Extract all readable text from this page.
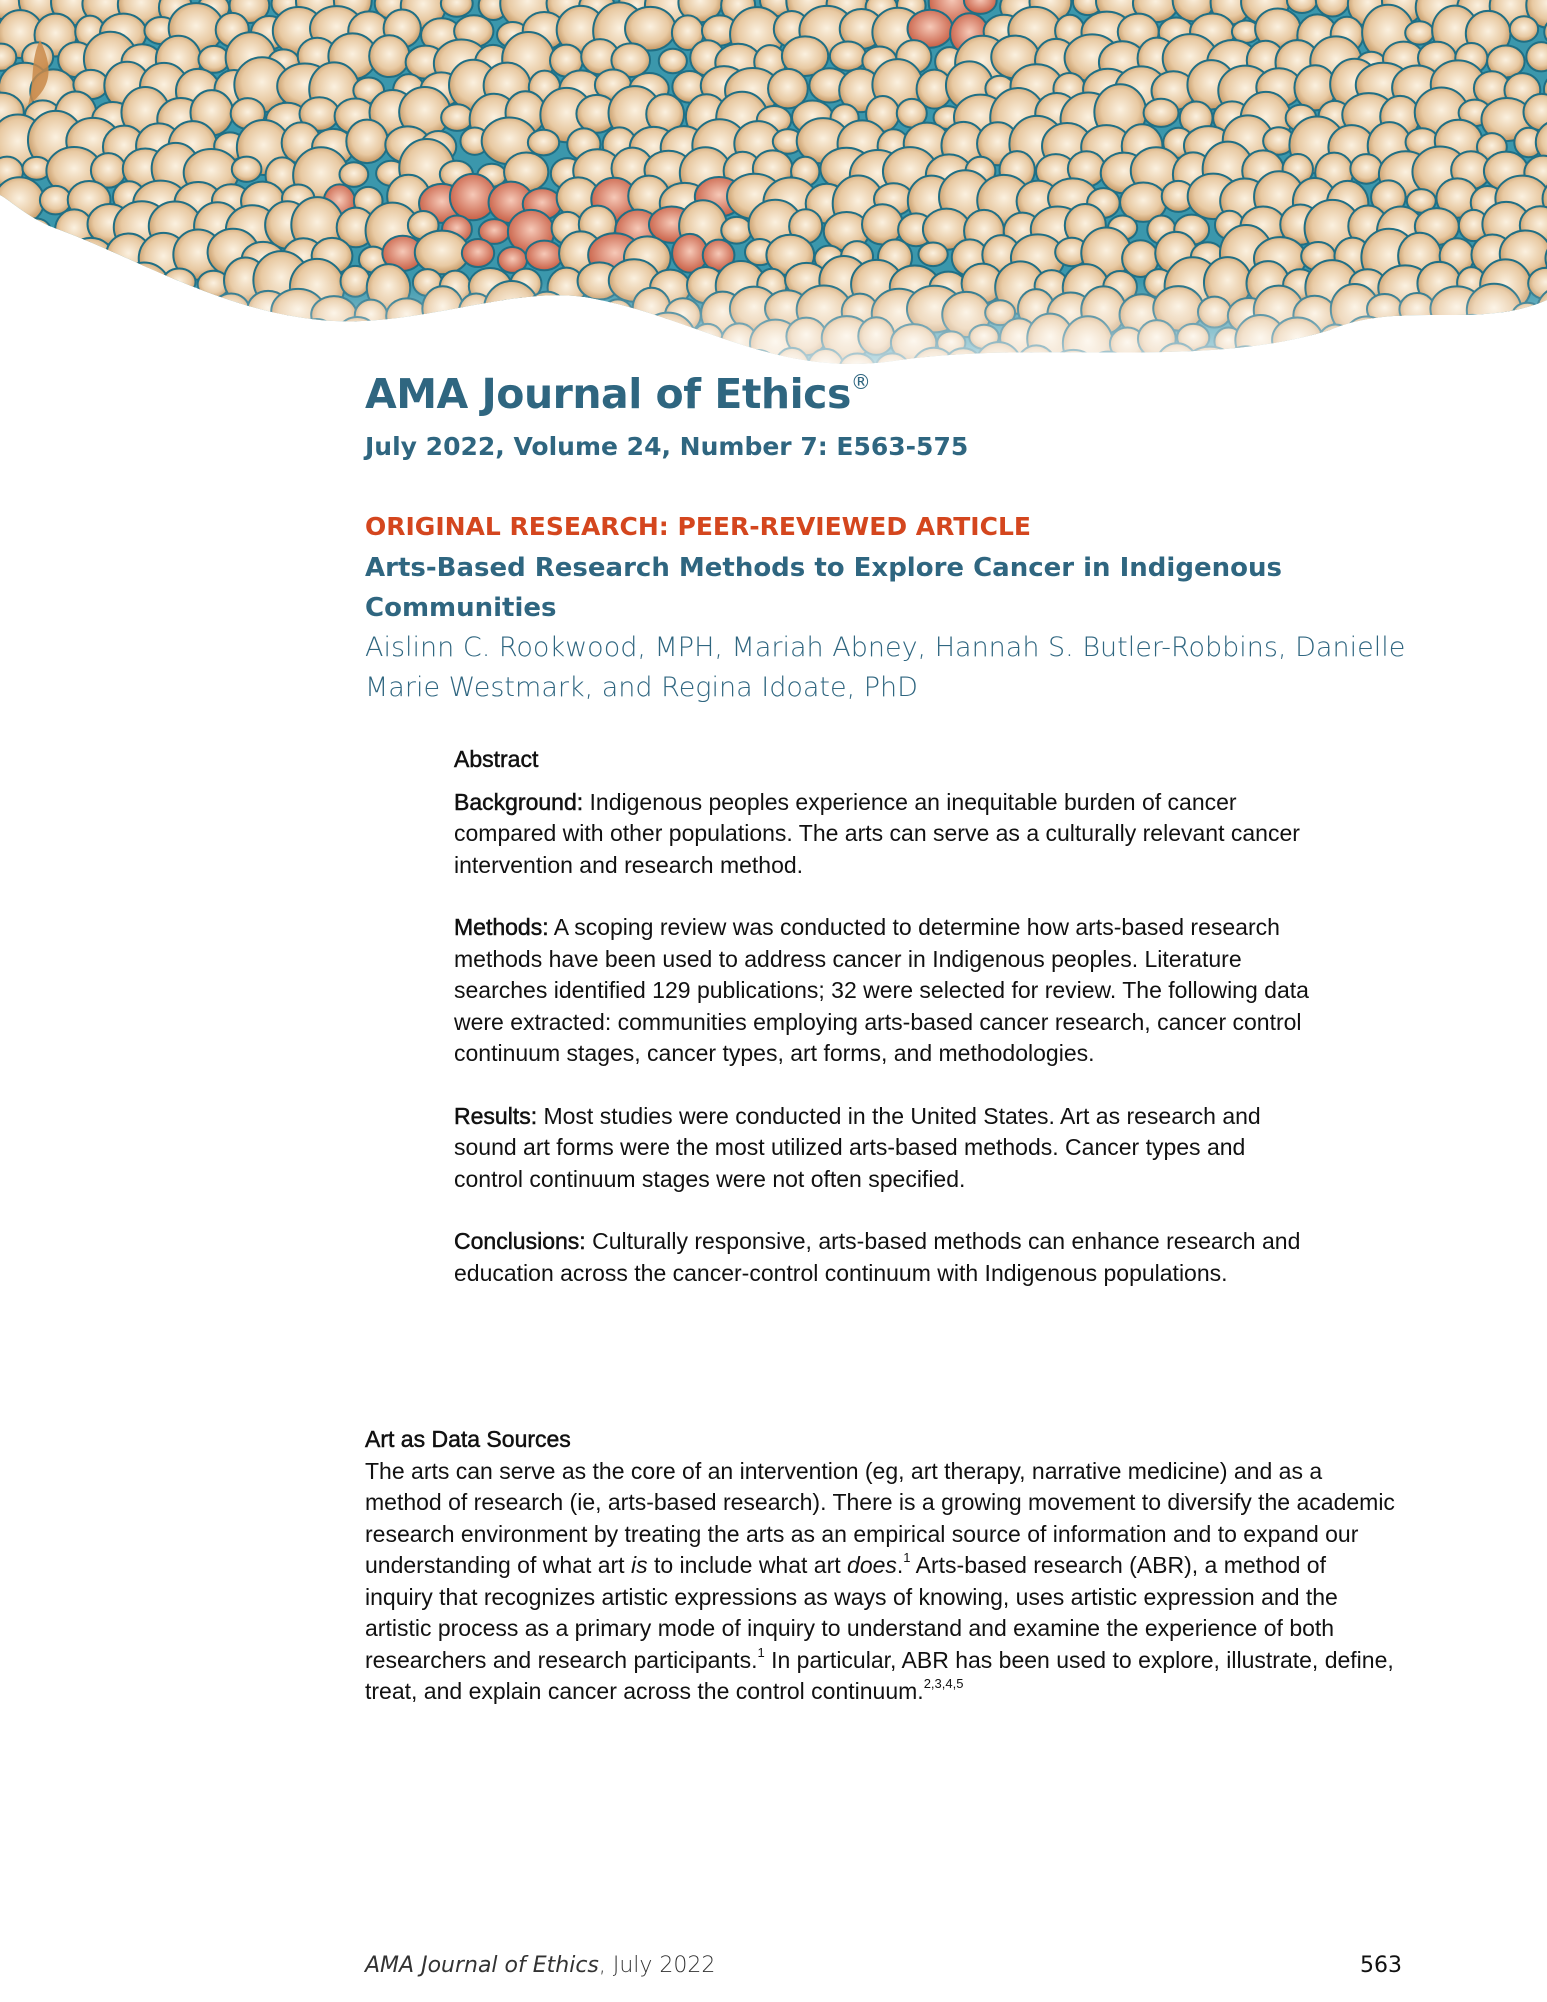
AMA Journal of Ethics®
July 2022, Volume 24, Number 7: E563-575
ORIGINAL RESEARCH: PEER-REVIEWED ARTICLE
Arts-Based Research Methods to Explore Cancer in Indigenous Communities
Aislinn C. Rookwood, MPH, Mariah Abney, Hannah S. Butler-Robbins, Danielle Marie Westmark, and Regina Idoate, PhD
Abstract

Background: Indigenous peoples experience an inequitable burden of cancer compared with other populations. The arts can serve as a culturally relevant cancer intervention and research method.

Methods: A scoping review was conducted to determine how arts-based research methods have been used to address cancer in Indigenous peoples. Literature searches identified 129 publications; 32 were selected for review. The following data were extracted: communities employing arts-based cancer research, cancer control continuum stages, cancer types, art forms, and methodologies.

Results: Most studies were conducted in the United States. Art as research and sound art forms were the most utilized arts-based methods. Cancer types and control continuum stages were not often specified.

Conclusions: Culturally responsive, arts-based methods can enhance research and education across the cancer-control continuum with Indigenous populations.

Art as Data Sources

The arts can serve as the core of an intervention (eg, art therapy, narrative medicine) and as a method of research (ie, arts-based research). There is a growing movement to diversify the academic research environment by treating the arts as an empirical source of information and to expand our understanding of what art is to include what art does.$^1$ Arts-based research (ABR), a method of inquiry that recognizes artistic expressions as ways of knowing, uses artistic expression and the artistic process as a primary mode of inquiry to understand and examine the experience of both researchers and research participants.$^1$ In particular, ABR has been used to explore, illustrate, define, treat, and explain cancer across the control continuum.$^{2,3,4,5}$

AMA Journal of Ethics, July 2022	563
